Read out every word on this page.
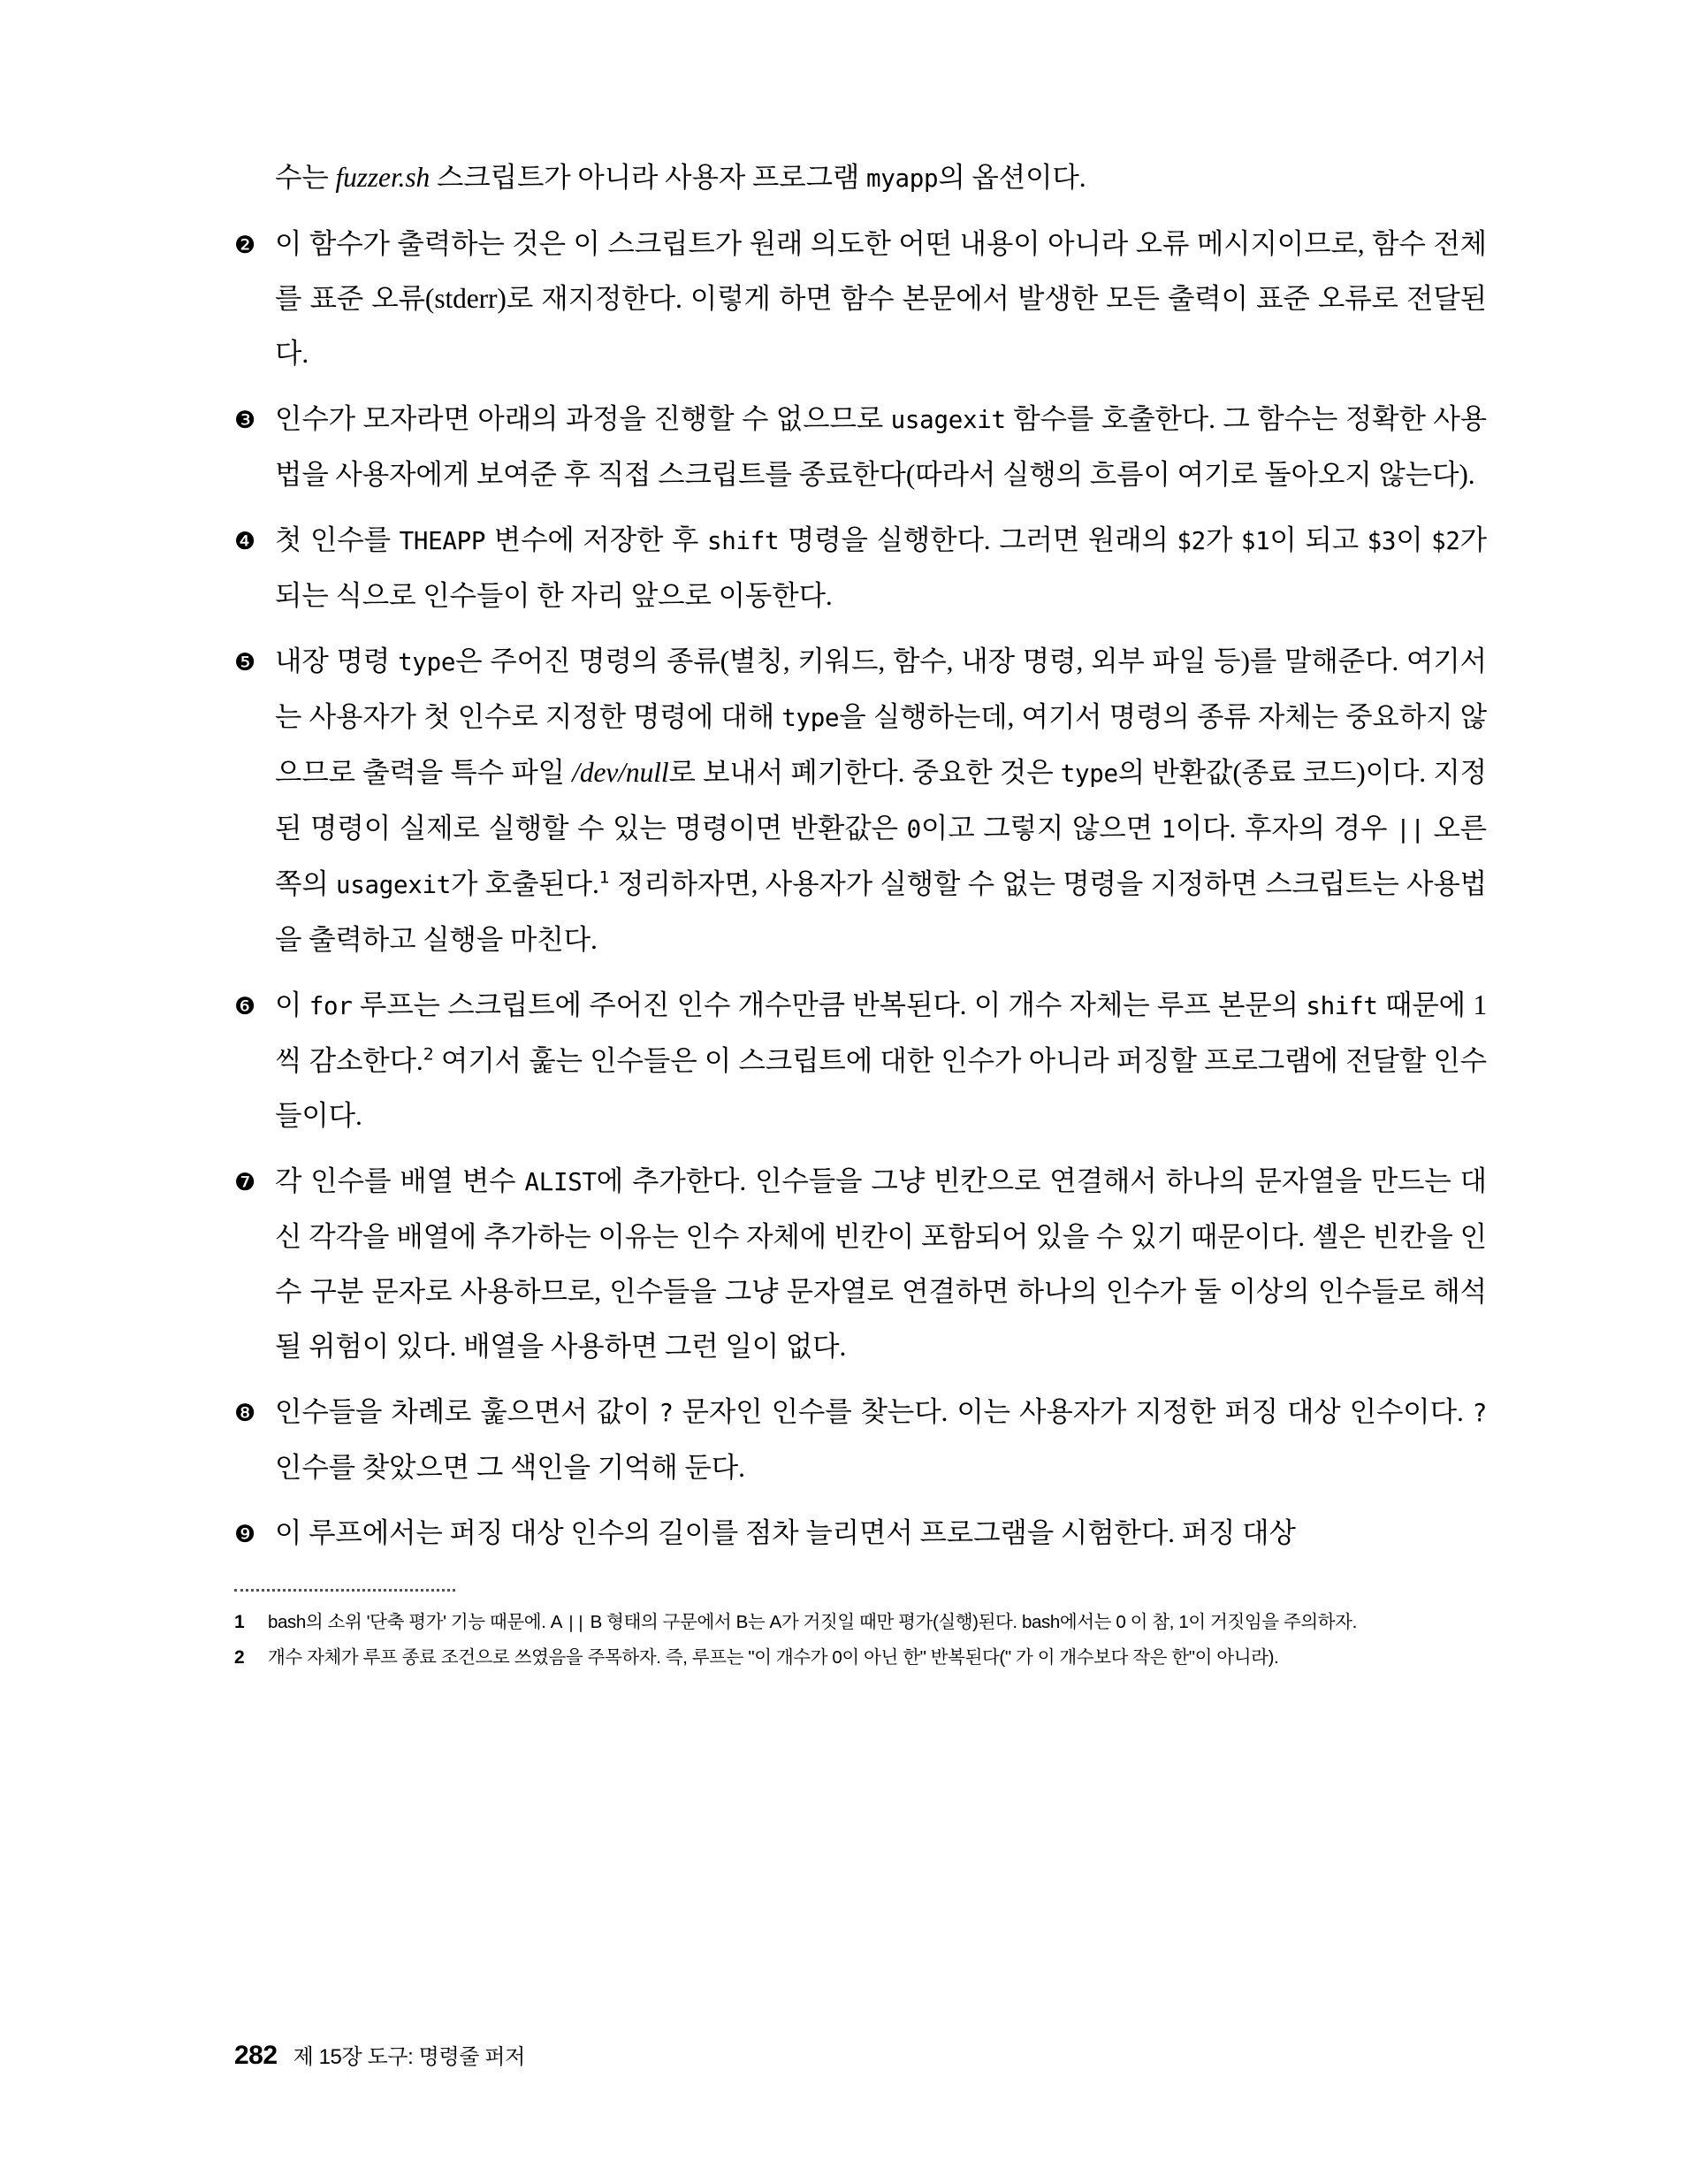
수는 fuzzer.sh 스크립트가 아니라 사용자 프로그램 myapp의 옵션이다.
❷ 이 함수가 출력하는 것은 이 스크립트가 원래 의도한 어떤 내용이 아니라 오류 메시지이므로, 함수 전체를 표준 오류(stderr)로 재지정한다. 이렇게 하면 함수 본문에서 발생한 모든 출력이 표준 오류로 전달된다.
❸ 인수가 모자라면 아래의 과정을 진행할 수 없으므로 usagexit 함수를 호출한다. 그 함수는 정확한 사용법을 사용자에게 보여준 후 직접 스크립트를 종료한다(따라서 실행의 흐름이 여기로 돌아오지 않는다).
❹ 첫 인수를 THEAPP 변수에 저장한 후 shift 명령을 실행한다. 그러면 원래의 $2가 $1이 되고 $3이 $2가 되는 식으로 인수들이 한 자리 앞으로 이동한다.
❺ 내장 명령 type은 주어진 명령의 종류(별칭, 키워드, 함수, 내장 명령, 외부 파일 등)를 말해준다. 여기서는 사용자가 첫 인수로 지정한 명령에 대해 type을 실행하는데, 여기서 명령의 종류 자체는 중요하지 않으므로 출력을 특수 파일 /dev/null로 보내서 폐기한다. 중요한 것은 type의 반환값(종료 코드)이다. 지정된 명령이 실제로 실행할 수 있는 명령이면 반환값은 0이고 그렇지 않으면 1이다. 후자의 경우 || 오른쪽의 usagexit가 호출된다.$^1$ 정리하자면, 사용자가 실행할 수 없는 명령을 지정하면 스크립트는 사용법을 출력하고 실행을 마친다.
❻ 이 for 루프는 스크립트에 주어진 인수 개수만큼 반복된다. 이 개수 자체는 루프 본문의 shift 때문에 1씩 감소한다.$^2$ 여기서 훑는 인수들은 이 스크립트에 대한 인수가 아니라 퍼징할 프로그램에 전달할 인수들이다.
❼ 각 인수를 배열 변수 ALIST에 추가한다. 인수들을 그냥 빈칸으로 연결해서 하나의 문자열을 만드는 대신 각각을 배열에 추가하는 이유는 인수 자체에 빈칸이 포함되어 있을 수 있기 때문이다. 셸은 빈칸을 인수 구분 문자로 사용하므로, 인수들을 그냥 문자열로 연결하면 하나의 인수가 둘 이상의 인수들로 해석될 위험이 있다. 배열을 사용하면 그런 일이 없다.
❽ 인수들을 차례로 훑으면서 값이 ? 문자인 인수를 찾는다. 이는 사용자가 지정한 퍼징 대상 인수이다. ? 인수를 찾았으면 그 색인을 기억해 둔다.
❾ 이 루프에서는 퍼징 대상 인수의 길이를 점차 늘리면서 프로그램을 시험한다. 퍼징 대상
1	bash의 소위 '단축 평가' 기능 때문에. A || B 형태의 구문에서 B는 A가 거짓일 때만 평가(실행)된다. bash에서는 0 이 참, 1이 거짓임을 주의하자.
2	개수 자체가 루프 종료 조건으로 쓰였음을 주목하자. 즉, 루프는 "이 개수가 0이 아닌 한" 반복된다(" 가 이 개수보다 작은 한"이 아니라).
282 제 15장 도구: 명령줄 퍼저
